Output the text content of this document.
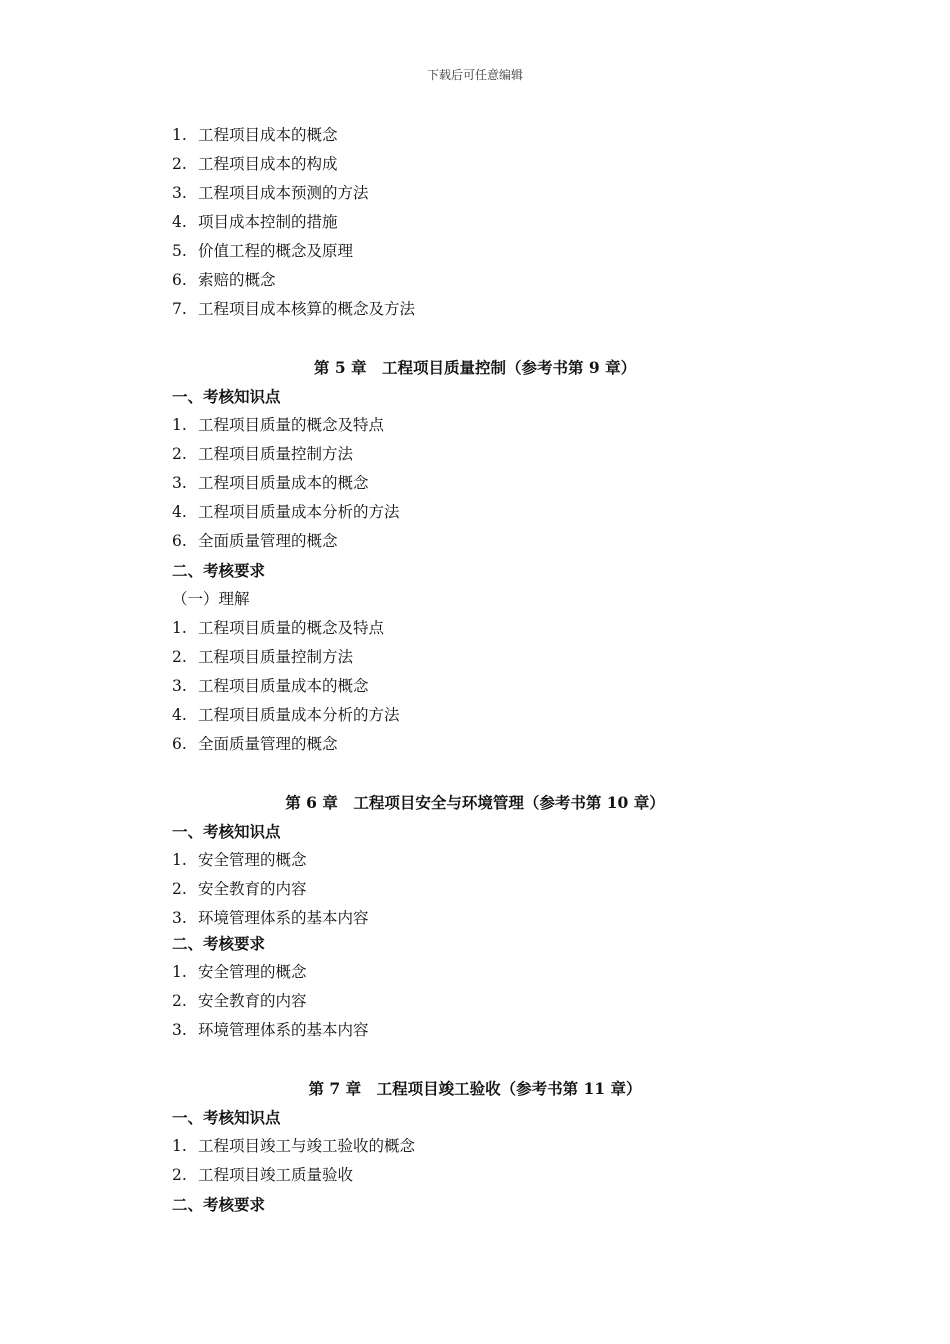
下载后可任意编辑
1. 工程项目成本的概念
2. 工程项目成本的构成
3. 工程项目成本预测的方法
4. 项目成本控制的措施
5. 价值工程的概念及原理
6. 索赔的概念
7. 工程项目成本核算的概念及方法
第 5 章　工程项目质量控制（参考书第 9 章）
一、考核知识点
1. 工程项目质量的概念及特点
2. 工程项目质量控制方法
3. 工程项目质量成本的概念
4. 工程项目质量成本分析的方法
6. 全面质量管理的概念
二、考核要求
（一）理解
1. 工程项目质量的概念及特点
2. 工程项目质量控制方法
3. 工程项目质量成本的概念
4. 工程项目质量成本分析的方法
6. 全面质量管理的概念
第 6 章　工程项目安全与环境管理（参考书第 10 章）
一、考核知识点
1. 安全管理的概念
2. 安全教育的内容
3. 环境管理体系的基本内容
二、考核要求
1. 安全管理的概念
2. 安全教育的内容
3. 环境管理体系的基本内容
第 7 章　工程项目竣工验收（参考书第 11 章）
一、考核知识点
1. 工程项目竣工与竣工验收的概念
2. 工程项目竣工质量验收
二、考核要求
